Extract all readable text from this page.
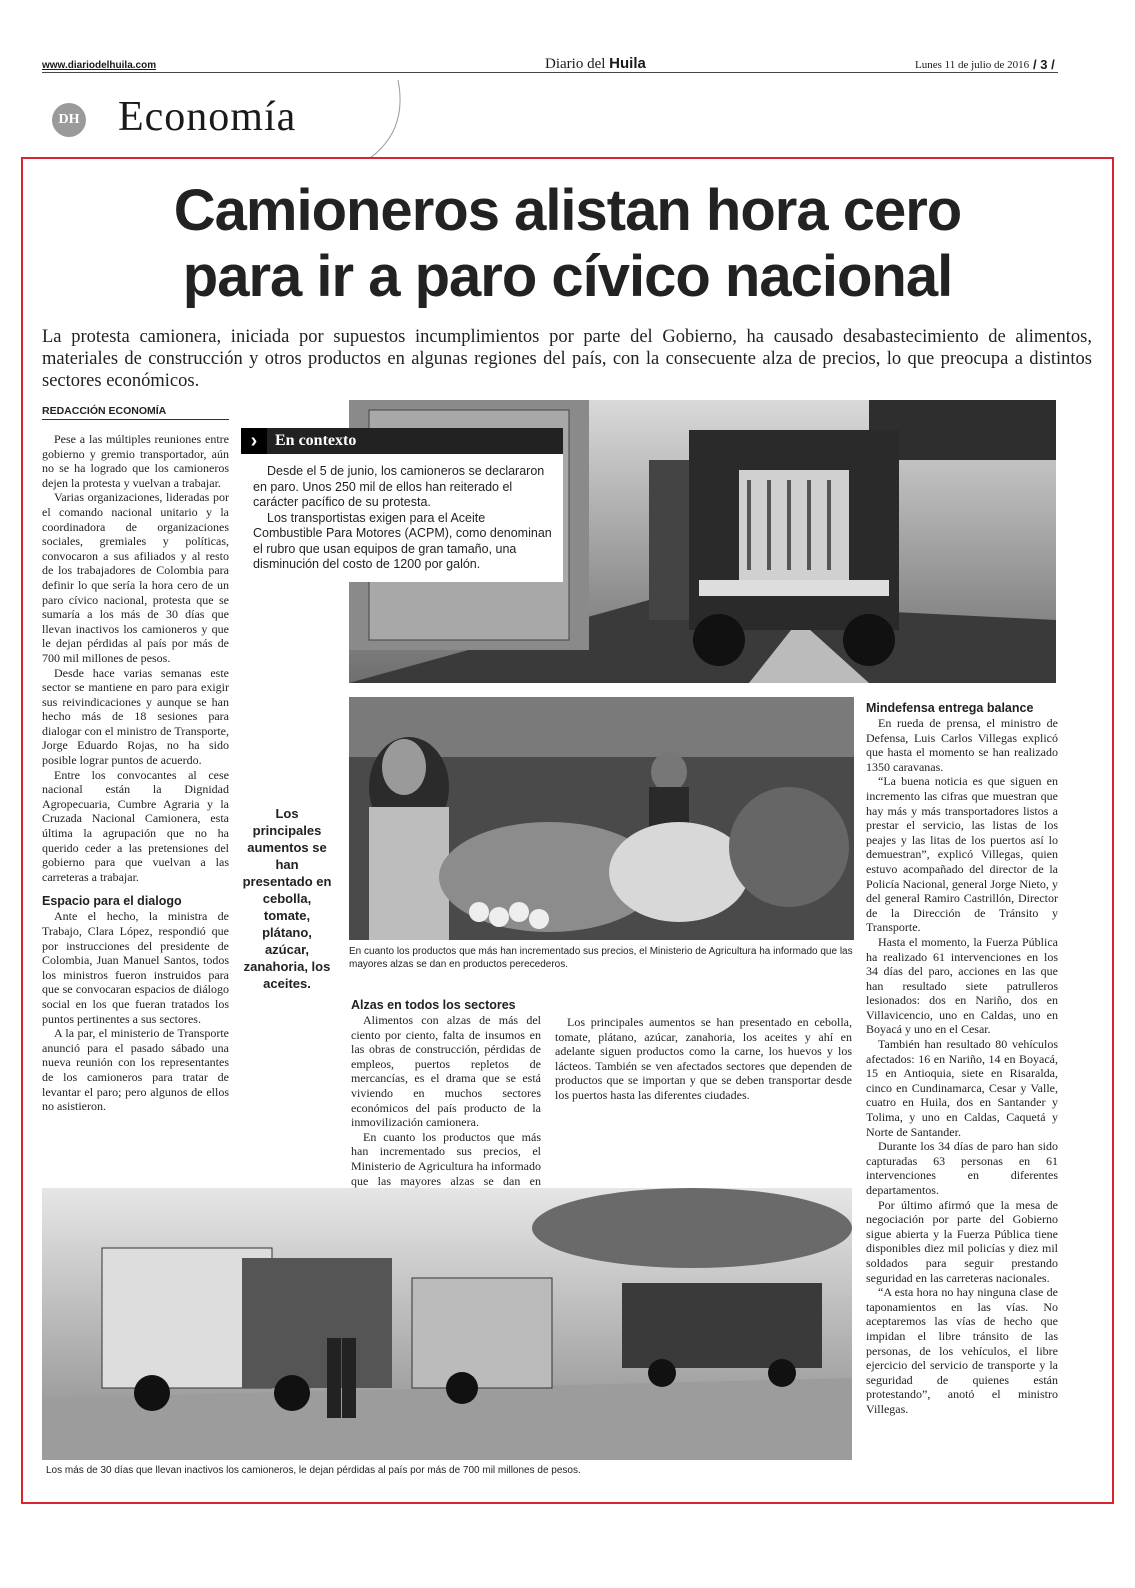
www.diariodelhuila.com	Diario del Huila	Lunes 11 de julio de 2016 / 3 /
DH Economía
Camioneros alistan hora cero
para ir a paro cívico nacional
La protesta camionera, iniciada por supuestos incumplimientos por parte del Gobierno, ha causado desabastecimiento de alimentos, materiales de construcción y otros productos en algunas regiones del país, con la consecuente alza de precios, lo que preocupa a distintos sectores económicos.
REDACCIÓN ECONOMÍA

Pese a las múltiples reuniones entre gobierno y gremio transportador, aún no se ha logrado que los camioneros dejen la protesta y vuelvan a trabajar.

Varias organizaciones, lideradas por el comando nacional unitario y la coordinadora de organizaciones sociales, gremiales y políticas, convocaron a sus afiliados y al resto de los trabajadores de Colombia para definir lo que sería la hora cero de un paro cívico nacional, protesta que se sumaría a los más de 30 días que llevan inactivos los camioneros y que le dejan pérdidas al país por más de 700 mil millones de pesos.

Desde hace varias semanas este sector se mantiene en paro para exigir sus reivindicaciones y aunque se han hecho más de 18 sesiones para dialogar con el ministro de Transporte, Jorge Eduardo Rojas, no ha sido posible lograr puntos de acuerdo.

Entre los convocantes al cese nacional están la Dignidad Agropecuaria, Cumbre Agraria y la Cruzada Nacional Camionera, esta última la agrupación que no ha querido ceder a las pretensiones del gobierno para que vuelvan a las carreteras a trabajar.

Espacio para el dialogo

Ante el hecho, la ministra de Trabajo, Clara López, respondió que por instrucciones del presidente de Colombia, Juan Manuel Santos, todos los ministros fueron instruidos para que se convocaran espacios de diálogo social en los que fueran tratados los puntos pertinentes a sus sectores.

A la par, el ministerio de Transporte anunció para el pasado sábado una nueva reunión con los representantes de los camioneros para tratar de levantar el paro; pero algunos de ellos no asistieron.

›	En contexto

Desde el 5 de junio, los camioneros se declararon en paro. Unos 250 mil de ellos han reiterado el carácter pacífico de su protesta.

Los transportistas exigen para el Aceite Combustible Para Motores (ACPM), como denominan el rubro que usan equipos de gran tamaño, una disminución del costo de 1200 por galón.

Los principales aumentos se han presentado en cebolla, tomate, plátano, azúcar, zanahoria, los aceites.
En cuanto los productos que más han incrementado sus precios, el Ministerio de Agricultura ha informado que las mayores alzas se dan en productos perecederos.
Alzas en todos los sectores

Alimentos con alzas de más del ciento por ciento, falta de insumos en las obras de construcción, pérdidas de empleos, puertos repletos de mercancías, es el drama que se está viviendo en muchos sectores económicos del país producto de la inmovilización camionera.

En cuanto los productos que más han incrementado sus precios, el Ministerio de Agricultura ha informado que las mayores alzas se dan en

Los principales aumentos se han presentado en cebolla, tomate, plátano, azúcar, zanahoria, los aceites y ahí en adelante siguen productos como la carne, los huevos y los lácteos. También se ven afectados sectores que dependen de productos que se importan y que se deben transportar desde los puertos hasta las diferentes ciudades.

Mindefensa entrega balance

En rueda de prensa, el ministro de Defensa, Luis Carlos Villegas explicó que hasta el momento se han realizado 1350 caravanas.

“La buena noticia es que siguen en incremento las cifras que muestran que hay más y más transportadores listos a prestar el servicio, las listas de los peajes y las litas de los puertos así lo demuestran”, explicó Villegas, quien estuvo acompañado del director de la Policía Nacional, general Jorge Nieto, y del general Ramiro Castrillón, Director de la Dirección de Tránsito y Transporte.

Hasta el momento, la Fuerza Pública ha realizado 61 intervenciones en los 34 días del paro, acciones en las que han resultado siete patrulleros lesionados: dos en Nariño, dos en Villavicencio, uno en Caldas, uno en Boyacá y uno en el Cesar.

También han resultado 80 vehículos afectados: 16 en Nariño, 14 en Boyacá, 15 en Antioquia, siete en Risaralda, cinco en Cundinamarca, Cesar y Valle, cuatro en Huila, dos en Santander y Tolima, y uno en Caldas, Caquetá y Norte de Santander.

Durante los 34 días de paro han sido capturadas 63 personas en 61 intervenciones en diferentes departamentos.

Por último afirmó que la mesa de negociación por parte del Gobierno sigue abierta y la Fuerza Pública tiene disponibles diez mil policías y diez mil soldados para seguir prestando seguridad en las carreteras nacionales.

“A esta hora no hay ninguna clase de taponamientos en las vías. No aceptaremos las vías de hecho que impidan el libre tránsito de las personas, de los vehículos, el libre ejercicio del servicio de transporte y la seguridad de quienes están protestando”, anotó el ministro Villegas.

Los más de 30 días que llevan inactivos los camioneros, le dejan pérdidas al país por más de 700 mil millones de pesos.
